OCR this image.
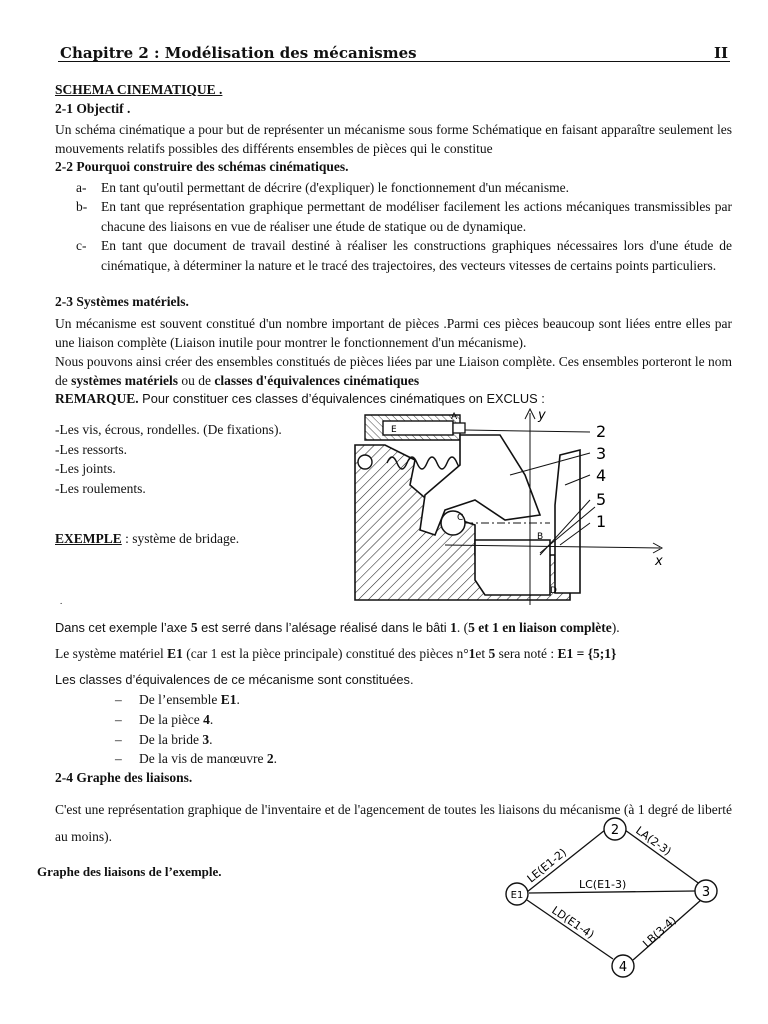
Chapitre 2 : Modélisation des mécanismes	II
SCHEMA CINEMATIQUE .
2-1 Objectif .
Un schéma cinématique a pour but de représenter un mécanisme sous forme Schématique en faisant apparaître seulement les mouvements relatifs possibles des différents ensembles de pièces qui le constitue
2-2 Pourquoi construire des schémas cinématiques.
a- En tant qu'outil permettant de décrire (d'expliquer) le fonctionnement d'un mécanisme.
b- En tant que représentation graphique permettant de modéliser facilement les actions mécaniques transmissibles par chacune des liaisons en vue de réaliser une étude de statique ou de dynamique.
c- En tant que document de travail destiné à réaliser les constructions graphiques nécessaires lors d'une étude de cinématique, à déterminer la nature et le tracé des trajectoires, des vecteurs vitesses de certains points particuliers.
2-3 Systèmes matériels.
Un mécanisme est souvent constitué d'un nombre important de pièces .Parmi ces pièces beaucoup sont liées entre elles par une liaison complète (Liaison inutile pour montrer le fonctionnement d'un mécanisme).
Nous pouvons ainsi créer des ensembles constitués de pièces liées par une Liaison complète. Ces ensembles porteront le nom de systèmes matériels ou de classes d'équivalences cinématiques
REMARQUE. Pour constituer ces classes d’équivalences cinématiques on EXCLUS :
-Les vis, écrous, rondelles. (De fixations).
-Les ressorts.
-Les joints.
-Les roulements.
EXEMPLE : système de bridage.
.
2
3
4
5
1
y
x
A
B
C
D
E
Dans cet exemple l’axe 5 est serré dans l’alésage réalisé dans le bâti 1. (5 et 1 en liaison complète).
Le système matériel E1 (car 1 est la pièce principale) constitué des pièces n°1et 5 sera noté : E1 = {5;1}
Les classes d’équivalences de ce mécanisme sont constituées.
– De l’ensemble E1.
– De la pièce 4.
– De la bride 3.
– De la vis de manœuvre 2.
2-4 Graphe des liaisons.
C'est une représentation graphique de l'inventaire et de l'agencement de toutes les liaisons du mécanisme (à 1 degré de liberté au moins).
Graphe des liaisons de l’exemple.
2
3
4
E1
LE(E1-2)
LA(2-3)
LC(E1-3)
LD(E1-4)	LB(3-4)
